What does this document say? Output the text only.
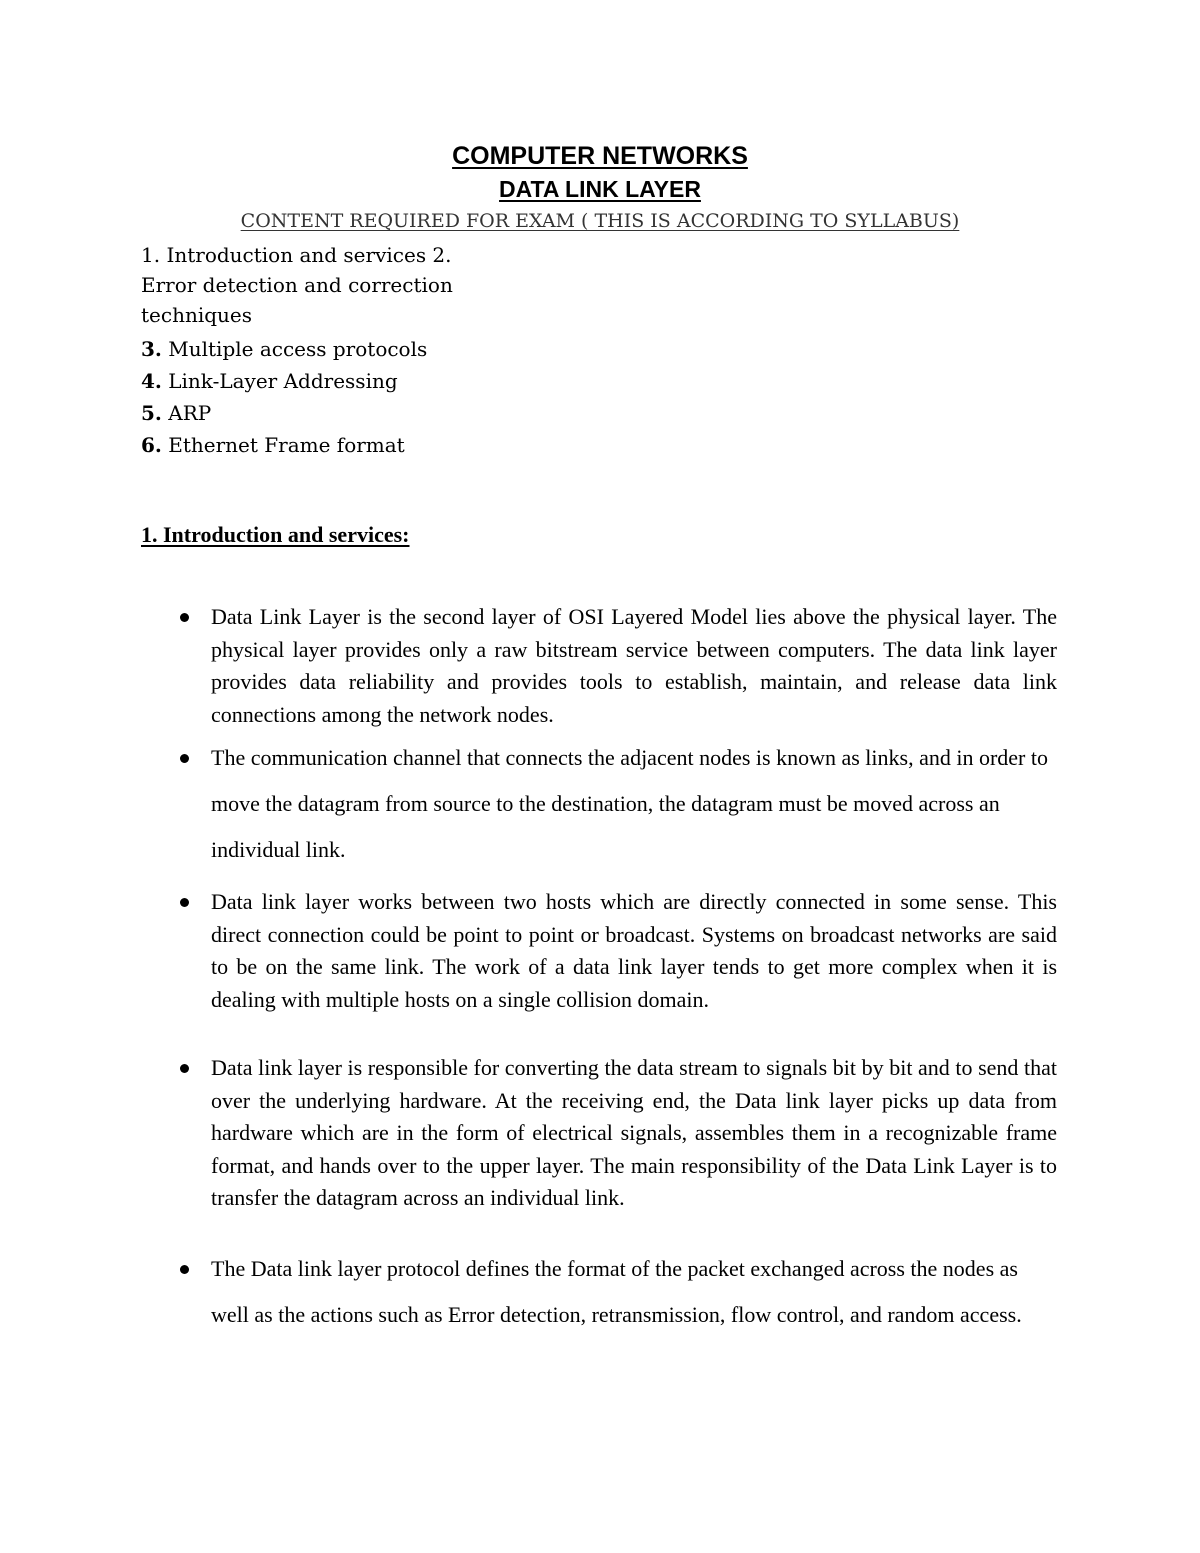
COMPUTER NETWORKS
DATA LINK LAYER
CONTENT REQUIRED FOR EXAM ( THIS IS ACCORDING TO SYLLABUS)
1. Introduction and services 2. Error detection and correction techniques
3. Multiple access protocols
4. Link-Layer Addressing
5. ARP
6. Ethernet Frame format
1. Introduction and services:
Data Link Layer is the second layer of OSI Layered Model lies above the physical layer. The physical layer provides only a raw bitstream service between computers. The data link layer provides data reliability and provides tools to establish, maintain, and release data link connections among the network nodes.
The communication channel that connects the adjacent nodes is known as links, and in order to move the datagram from source to the destination, the datagram must be moved across an individual link.
Data link layer works between two hosts which are directly connected in some sense. This direct connection could be point to point or broadcast. Systems on broadcast networks are said to be on the same link. The work of a data link layer tends to get more complex when it is dealing with multiple hosts on a single collision domain.
Data link layer is responsible for converting the data stream to signals bit by bit and to send that over the underlying hardware. At the receiving end, the Data link layer picks up data from hardware which are in the form of electrical signals, assembles them in a recognizable frame format, and hands over to the upper layer. The main responsibility of the Data Link Layer is to transfer the datagram across an individual link.
The Data link layer protocol defines the format of the packet exchanged across the nodes as well as the actions such as Error detection, retransmission, flow control, and random access.
